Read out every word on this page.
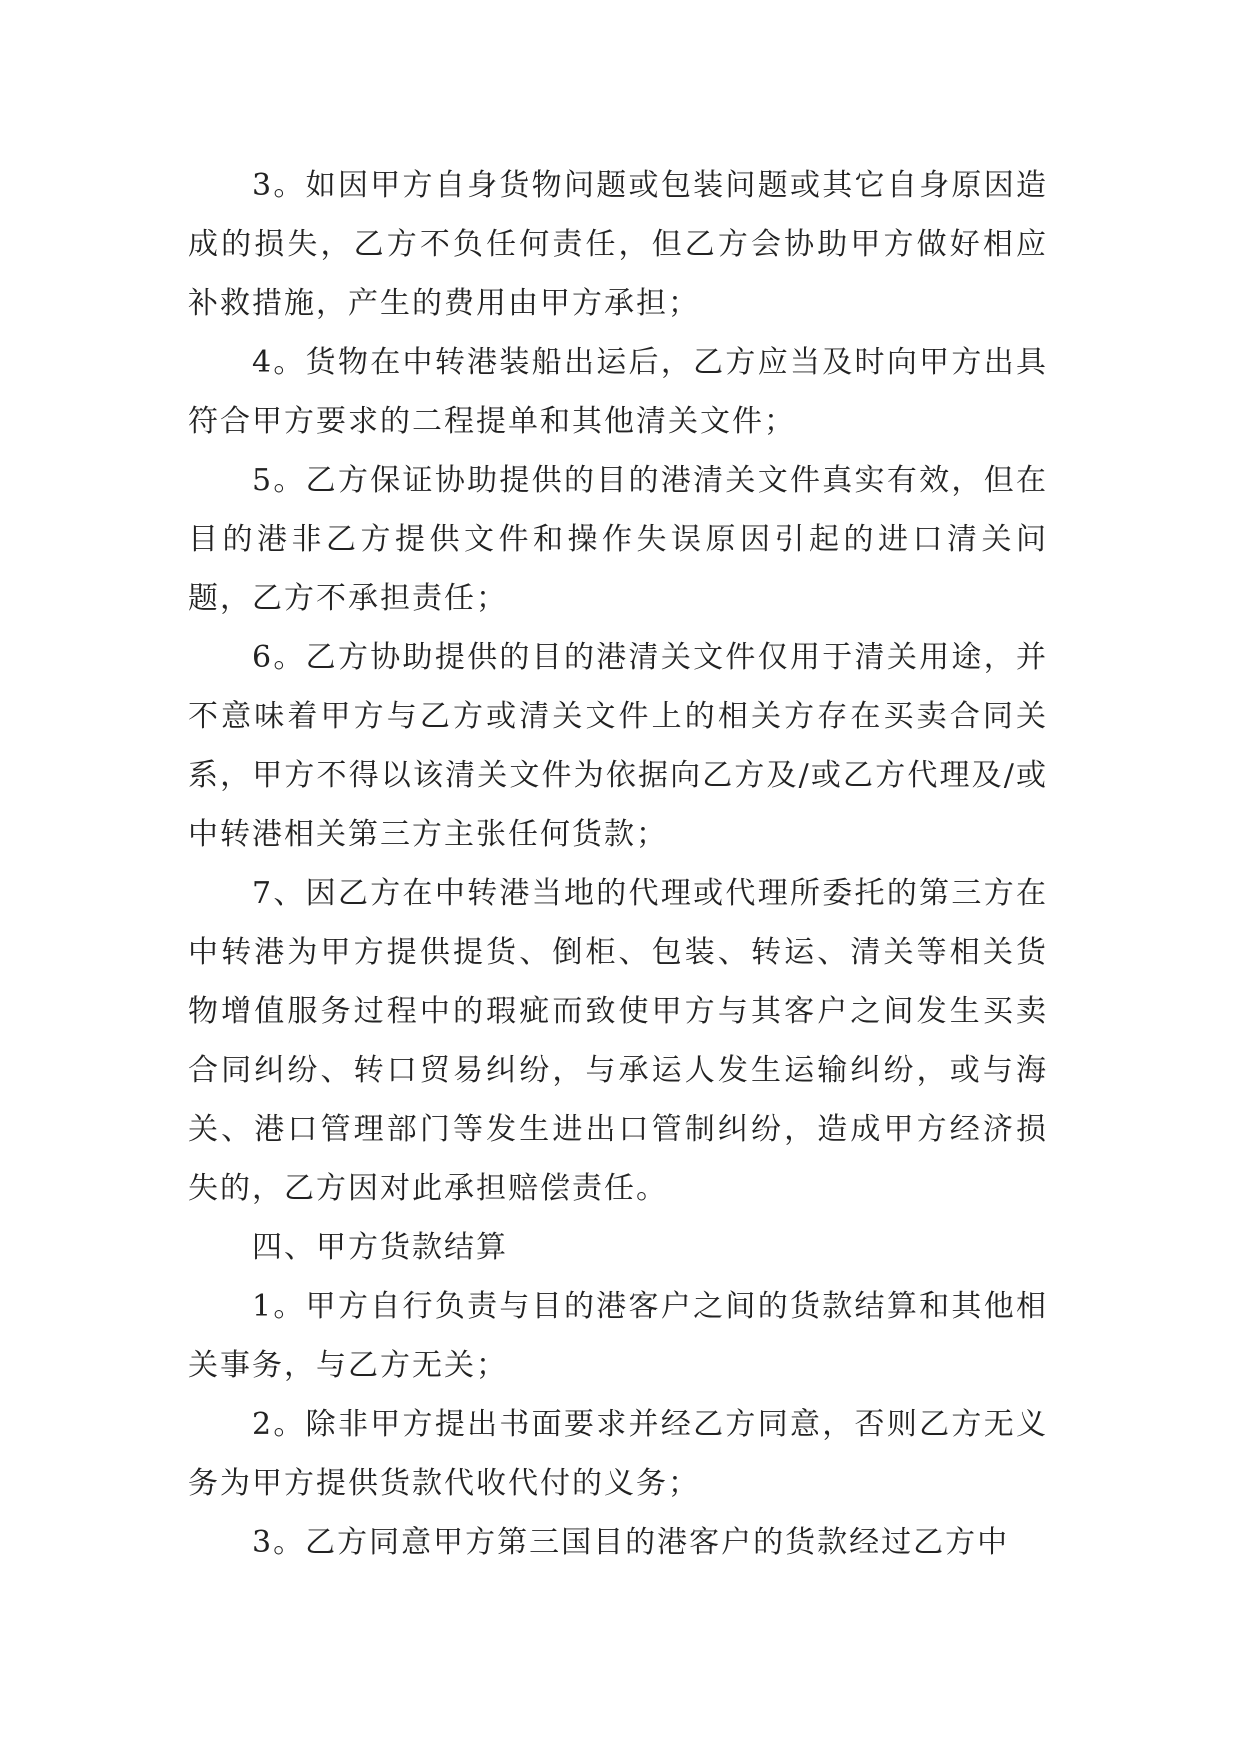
3。如因甲方自身货物问题或包装问题或其它自身原因造成的损失，乙方不负任何责任，但乙方会协助甲方做好相应补救措施，产生的费用由甲方承担；

4。货物在中转港装船出运后，乙方应当及时向甲方出具符合甲方要求的二程提单和其他清关文件；

5。乙方保证协助提供的目的港清关文件真实有效，但在目的港非乙方提供文件和操作失误原因引起的进口清关问题，乙方不承担责任；

6。乙方协助提供的目的港清关文件仅用于清关用途，并不意味着甲方与乙方或清关文件上的相关方存在买卖合同关系，甲方不得以该清关文件为依据向乙方及/或乙方代理及/或中转港相关第三方主张任何货款；

7、因乙方在中转港当地的代理或代理所委托的第三方在中转港为甲方提供提货、倒柜、包装、转运、清关等相关货物增值服务过程中的瑕疵而致使甲方与其客户之间发生买卖合同纠纷、转口贸易纠纷，与承运人发生运输纠纷，或与海关、港口管理部门等发生进出口管制纠纷，造成甲方经济损失的，乙方因对此承担赔偿责任。

四、甲方货款结算

1。甲方自行负责与目的港客户之间的货款结算和其他相关事务，与乙方无关；

2。除非甲方提出书面要求并经乙方同意，否则乙方无义务为甲方提供货款代收代付的义务；

3。乙方同意甲方第三国目的港客户的货款经过乙方中
